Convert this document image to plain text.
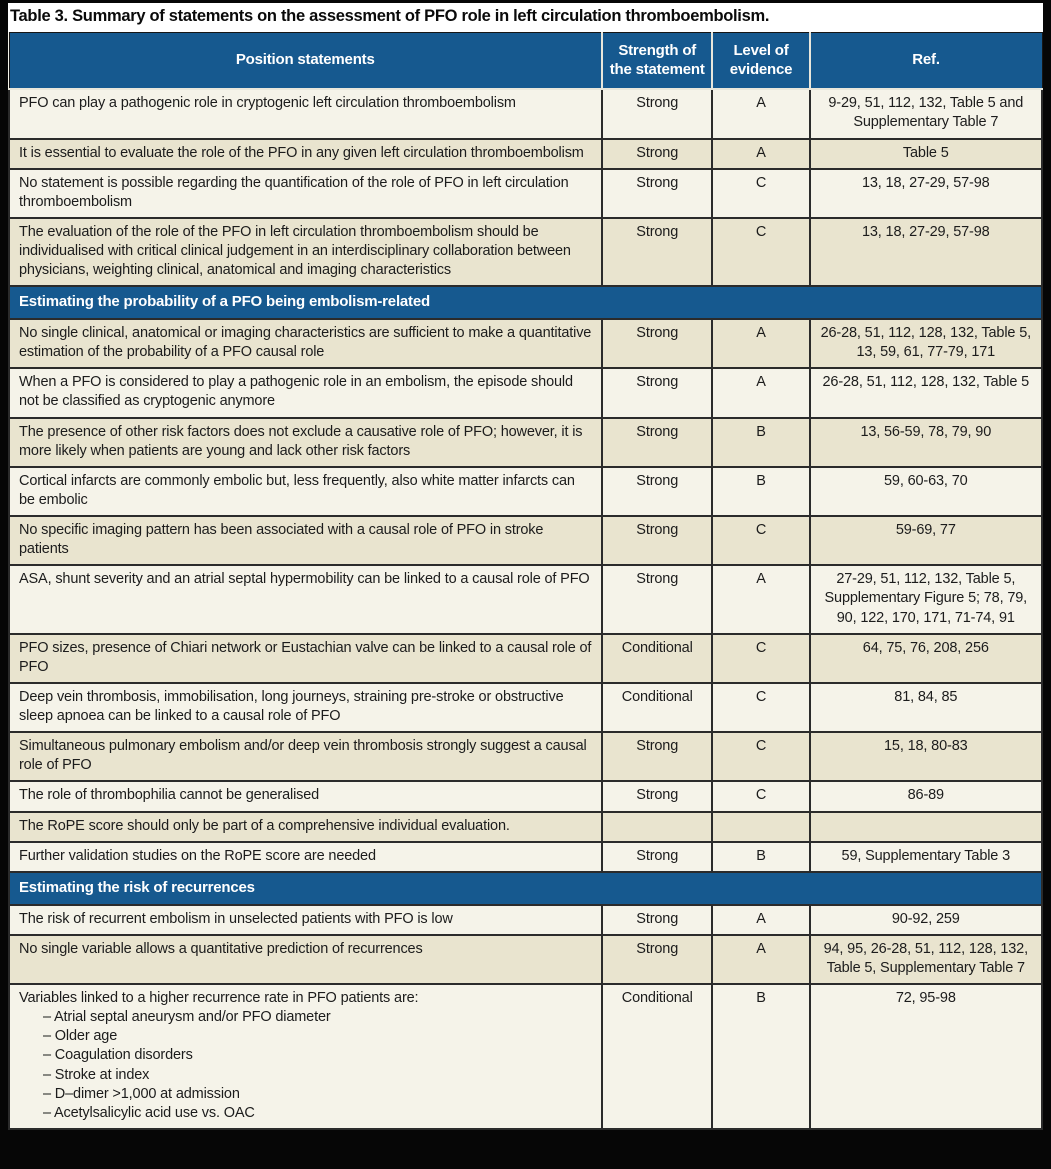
Table 3. Summary of statements on the assessment of PFO role in left circulation thromboembolism.
Position statements	Strength of the statement	Level of evidence	Ref.

PFO can play a pathogenic role in cryptogenic left circulation thromboembolism	Strong	A	9-29, 51, 112, 132, Table 5 and Supplementary Table 7

It is essential to evaluate the role of the PFO in any given left circulation thromboembolism	Strong	A	Table 5

No statement is possible regarding the quantification of the role of PFO in left circulation thromboembolism	Strong	C	13, 18, 27-29, 57-98

The evaluation of the role of the PFO in left circulation thromboembolism should be individualised with critical clinical judgement in an interdisciplinary collaboration between physicians, weighting clinical, anatomical and imaging characteristics	Strong	C	13, 18, 27-29, 57-98
Estimating the probability of a PFO being embolism-related			

No single clinical, anatomical or imaging characteristics are sufficient to make a quantitative estimation of the probability of a PFO causal role	Strong	A	26-28, 51, 112, 128, 132, Table 5, 13, 59, 61, 77-79, 171

When a PFO is considered to play a pathogenic role in an embolism, the episode should not be classified as cryptogenic anymore	Strong	A	26-28, 51, 112, 128, 132, Table 5

The presence of other risk factors does not exclude a causative role of PFO; however, it is more likely when patients are young and lack other risk factors	Strong	B	13, 56-59, 78, 79, 90

Cortical infarcts are commonly embolic but, less frequently, also white matter infarcts can be embolic	Strong	B	59, 60-63, 70

No specific imaging pattern has been associated with a causal role of PFO in stroke patients	Strong	C	59-69, 77

ASA, shunt severity and an atrial septal hypermobility can be linked to a causal role of PFO	Strong	A	27-29, 51, 112, 132, Table 5, Supplementary Figure 5; 78, 79, 90, 122, 170, 171, 71-74, 91

PFO sizes, presence of Chiari network or Eustachian valve can be linked to a causal role of PFO	Conditional	C	64, 75, 76, 208, 256

Deep vein thrombosis, immobilisation, long journeys, straining pre-stroke or obstructive sleep apnoea can be linked to a causal role of PFO	Conditional	C	81, 84, 85

Simultaneous pulmonary embolism and/or deep vein thrombosis strongly suggest a causal role of PFO	Strong	C	15, 18, 80-83

The role of thrombophilia cannot be generalised	Strong	C	86-89

The RoPE score should only be part of a comprehensive individual evaluation.			

Further validation studies on the RoPE score are needed	Strong	B	59, Supplementary Table 3
Estimating the risk of recurrences			

The risk of recurrent embolism in unselected patients with PFO is low	Strong	A	90-92, 259

No single variable allows a quantitative prediction of recurrences	Strong	A	94, 95, 26-28, 51, 112, 128, 132, Table 5, Supplementary Table 7

Variables linked to a higher recurrence rate in PFO patients are:
– Atrial septal aneurysm and/or PFO diameter
– Older age
– Coagulation disorders
– Stroke at index
– D–dimer >1,000 at admission
– Acetylsalicylic acid use vs. OAC
	Conditional	B	72, 95-98
